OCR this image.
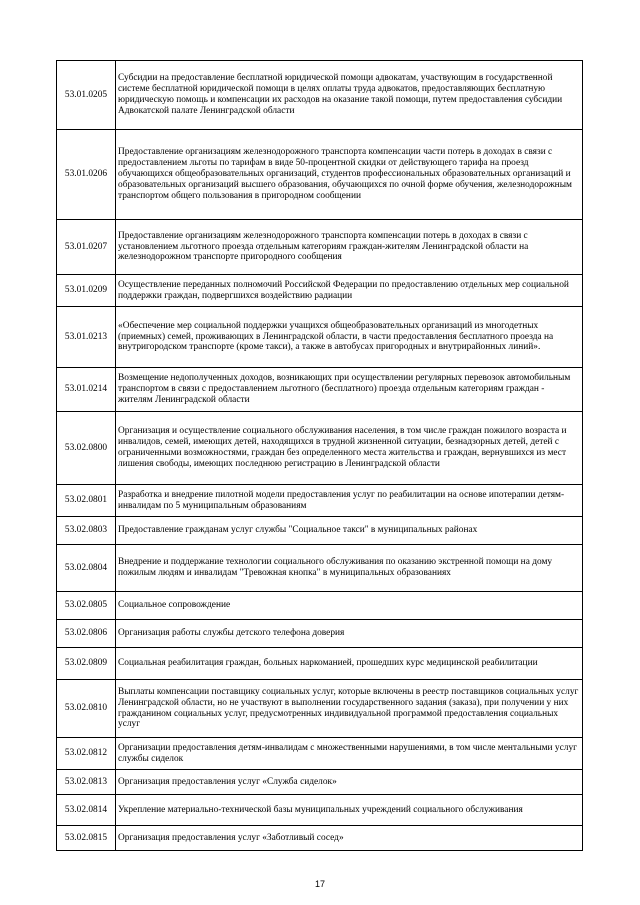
53.01.0205	Субсидии на предоставление бесплатной юридической помощи адвокатам, участвующим в государственной системе бесплатной юридической помощи в целях оплаты труда адвокатов, предоставляющих бесплатную юридическую помощь и компенсации их расходов на оказание такой помощи, путем предоставления субсидии Адвокатской палате Ленинградской области
53.01.0206	Предоставление организациям железнодорожного транспорта компенсации части потерь в доходах в связи с предоставлением льготы по тарифам в виде 50-процентной скидки от действующего тарифа на проезд обучающихся общеобразовательных организаций, студентов профессиональных образовательных организаций и образовательных организаций высшего образования, обучающихся по очной форме обучения, железнодорожным транспортом общего пользования в пригородном сообщении
53.01.0207	Предоставление организациям железнодорожного транспорта компенсации потерь в доходах в связи с установлением льготного проезда отдельным категориям граждан-жителям Ленинградской области на железнодорожном транспорте пригородного сообщения
53.01.0209	Осуществление переданных полномочий Российской Федерации по предоставлению отдельных мер социальной поддержки граждан, подвергшихся воздействию радиации
53.01.0213	«Обеспечение мер социальной поддержки учащихся общеобразовательных организаций из многодетных (приемных) семей, проживающих в Ленинградской области, в части предоставления бесплатного проезда на внутригородском транспорте (кроме такси), а также в автобусах пригородных и внутрирайонных линий».
53.01.0214	Возмещение недополученных доходов, возникающих при осуществлении регулярных перевозок автомобильным транспортом в связи с предоставлением льготного (бесплатного) проезда отдельным категориям граждан - жителям Ленинградской области
53.02.0800	Организация и осуществление социального обслуживания населения, в том числе граждан пожилого возраста и инвалидов, семей, имеющих детей, находящихся в трудной жизненной ситуации, безнадзорных детей, детей с ограниченными возможностями, граждан без определенного места жительства и граждан, вернувшихся из мест лишения свободы, имеющих последнюю регистрацию в Ленинградской области
53.02.0801	Разработка и внедрение пилотной модели предоставления услуг по реабилитации на основе ипотерапии детям-инвалидам по 5 муниципальным образованиям
53.02.0803	Предоставление гражданам услуг службы "Социальное такси" в муниципальных районах
53.02.0804	Внедрение и поддержание технологии социального обслуживания по оказанию экстренной помощи на дому пожилым людям и инвалидам "Тревожная кнопка" в муниципальных образованиях
53.02.0805	Социальное сопровождение
53.02.0806	Организация работы службы детского телефона доверия
53.02.0809	Социальная реабилитация граждан, больных наркоманией, прошедших курс медицинской реабилитации
53.02.0810	Выплаты компенсации поставщику социальных услуг, которые включены в реестр поставщиков социальных услуг Ленинградской области, но не участвуют в выполнении государственного задания (заказа), при получении у них гражданином социальных услуг, предусмотренных индивидуальной программой предоставления социальных услуг
53.02.0812	Организации предоставления детям-инвалидам с множественными нарушениями, в том числе ментальными услуг службы сиделок
53.02.0813	Организация предоставления услуг «Служба сиделок»
53.02.0814	Укрепление материально-технической базы муниципальных учреждений социального обслуживания
53.02.0815	Организация предоставления услуг «Заботливый сосед»
17
